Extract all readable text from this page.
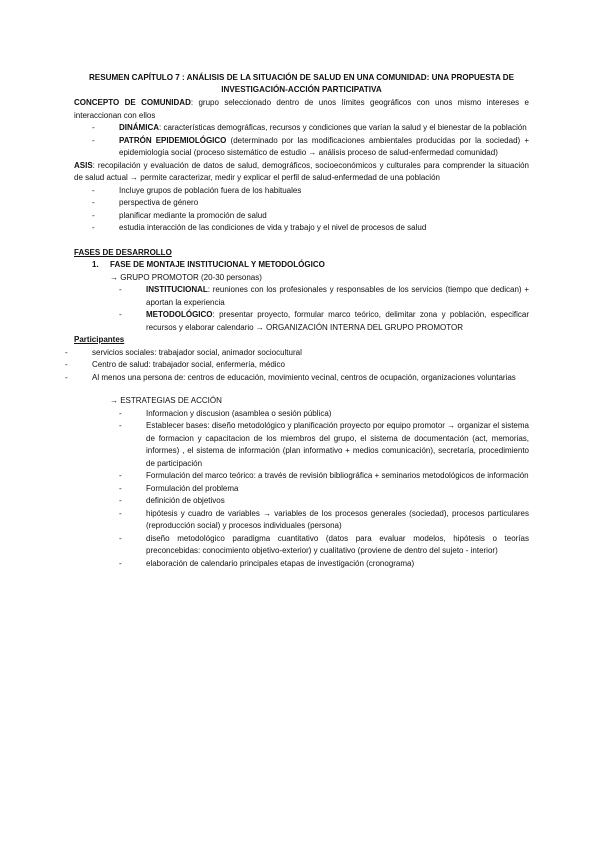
RESUMEN CAPÍTULO 7 : ANÁLISIS DE LA SITUACIÓN DE SALUD EN UNA COMUNIDAD: UNA PROPUESTA DE
INVESTIGACIÓN-ACCIÓN PARTICIPATIVA

CONCEPTO DE COMUNIDAD: grupo seleccionado dentro de unos límites geográficos con unos mismo intereses e interaccionan con ellos

- DINÁMICA: características demográficas, recursos y condiciones que varían la salud y el bienestar de la población
- PATRÓN EPIDEMIOLÓGICO (determinado por las modificaciones ambientales producidas por la sociedad) + epidemiología social (proceso sistemático de estudio → análisis proceso de salud-enfermedad comunidad)

ASIS: recopilación y evaluación de datos de salud, demográficos, socioeconómicos y culturales para comprender la situación de salud actual → permite caracterizar, medir y explicar el perfil de salud-enfermedad de una población

- Incluye grupos de población fuera de los habituales
- perspectiva de género
- planificar mediante la promoción de salud
- estudia interacción de las condiciones de vida y trabajo y el nivel de procesos de salud
FASES DE DESARROLLO
1. FASE DE MONTAJE INSTITUCIONAL Y METODOLÓGICO
→ GRUPO PROMOTOR (20-30 personas)
- INSTITUCIONAL: reuniones con los profesionales y responsables de los servicios (tiempo que dedican) + aportan la experiencia
- METODOLÓGICO: presentar proyecto, formular marco teórico, delimitar zona y población, especificar recursos y elaborar calendario → ORGANIZACIÓN INTERNA DEL GRUPO PROMOTOR
Participantes
- servicios sociales: trabajador social, animador sociocultural
- Centro de salud: trabajador social, enfermería, médico
- Al menos una persona de: centros de educación, movimiento vecinal, centros de ocupación, organizaciones voluntarias
→ ESTRATEGIAS DE ACCIÓN
- Informacion y discusion (asamblea o sesión pública)
- Establecer bases: diseño metodológico y planificación proyecto por equipo promotor → organizar el sistema de formacion y capacitacion de los miembros del grupo, el sistema de documentación (act, memorias, informes) , el sistema de información (plan informativo + medios comunicación), secretaría, procedimiento de participación
- Formulación del marco teórico: a través de revisión bibliográfica + seminarios metodológicos de información
- Formulación del problema
- definición de objetivos
- hipótesis y cuadro de variables → variables de los procesos generales (sociedad), procesos particulares (reproducción social) y procesos individuales (persona)
- diseño metodológico paradigma cuantitativo (datos para evaluar modelos, hipótesis o teorías preconcebidas: conocimiento objetivo-exterior) y cualitativo (proviene de dentro del sujeto - interior)
- elaboración de calendario principales etapas de investigación (cronograma)
